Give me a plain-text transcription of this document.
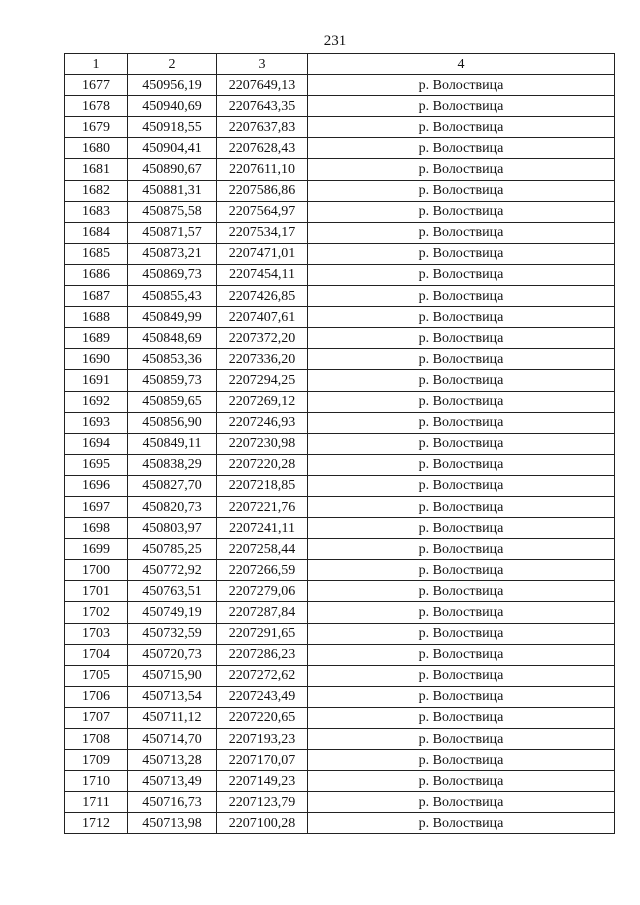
231
1	2	3	4
1677	450956,19	2207649,13	р. Волоствица
1678	450940,69	2207643,35	р. Волоствица
1679	450918,55	2207637,83	р. Волоствица
1680	450904,41	2207628,43	р. Волоствица
1681	450890,67	2207611,10	р. Волоствица
1682	450881,31	2207586,86	р. Волоствица
1683	450875,58	2207564,97	р. Волоствица
1684	450871,57	2207534,17	р. Волоствица
1685	450873,21	2207471,01	р. Волоствица
1686	450869,73	2207454,11	р. Волоствица
1687	450855,43	2207426,85	р. Волоствица
1688	450849,99	2207407,61	р. Волоствица
1689	450848,69	2207372,20	р. Волоствица
1690	450853,36	2207336,20	р. Волоствица
1691	450859,73	2207294,25	р. Волоствица
1692	450859,65	2207269,12	р. Волоствица
1693	450856,90	2207246,93	р. Волоствица
1694	450849,11	2207230,98	р. Волоствица
1695	450838,29	2207220,28	р. Волоствица
1696	450827,70	2207218,85	р. Волоствица
1697	450820,73	2207221,76	р. Волоствица
1698	450803,97	2207241,11	р. Волоствица
1699	450785,25	2207258,44	р. Волоствица
1700	450772,92	2207266,59	р. Волоствица
1701	450763,51	2207279,06	р. Волоствица
1702	450749,19	2207287,84	р. Волоствица
1703	450732,59	2207291,65	р. Волоствица
1704	450720,73	2207286,23	р. Волоствица
1705	450715,90	2207272,62	р. Волоствица
1706	450713,54	2207243,49	р. Волоствица
1707	450711,12	2207220,65	р. Волоствица
1708	450714,70	2207193,23	р. Волоствица
1709	450713,28	2207170,07	р. Волоствица
1710	450713,49	2207149,23	р. Волоствица
1711	450716,73	2207123,79	р. Волоствица
1712	450713,98	2207100,28	р. Волоствица
